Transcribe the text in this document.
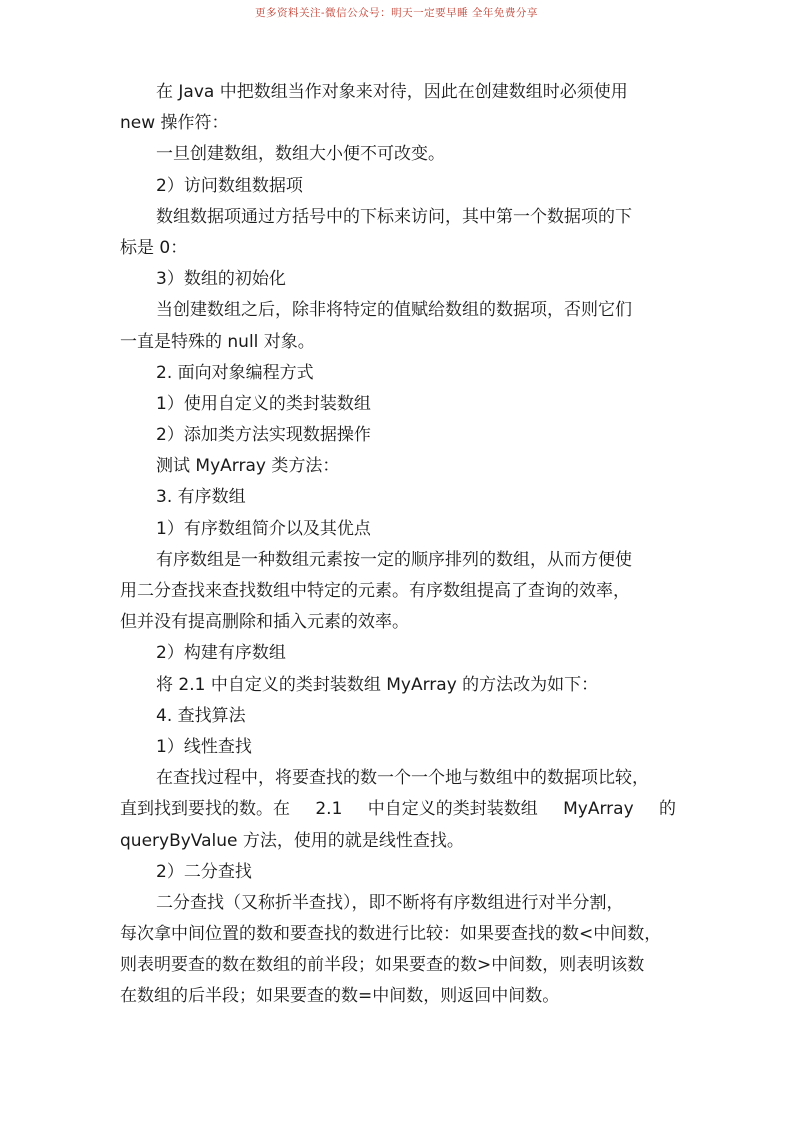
更多资料关注-微信公众号：明天一定要早睡 全年免费分享
在 Java 中把数组当作对象来对待，因此在创建数组时必须使用
new 操作符：
一旦创建数组，数组大小便不可改变。
2）访问数组数据项
数组数据项通过方括号中的下标来访问，其中第一个数据项的下
标是 0：
3）数组的初始化
当创建数组之后，除非将特定的值赋给数组的数据项，否则它们
一直是特殊的 null 对象。
2. 面向对象编程方式
1）使用自定义的类封装数组
2）添加类方法实现数据操作
测试 MyArray 类方法：
3. 有序数组
1）有序数组简介以及其优点
有序数组是一种数组元素按一定的顺序排列的数组，从而方便使
用二分查找来查找数组中特定的元素。有序数组提高了查询的效率，
但并没有提高删除和插入元素的效率。
2）构建有序数组
将 2.1 中自定义的类封装数组 MyArray 的方法改为如下：
4. 查找算法
1）线性查找
在查找过程中，将要查找的数一个一个地与数组中的数据项比较，
直到找到要找的数。在 2.1 中自定义的类封装数组 MyArray 的
queryByValue 方法，使用的就是线性查找。
2）二分查找
二分查找（又称折半查找），即不断将有序数组进行对半分割，
每次拿中间位置的数和要查找的数进行比较：如果要查找的数<中间数，
则表明要查的数在数组的前半段；如果要查的数>中间数，则表明该数
在数组的后半段；如果要查的数=中间数，则返回中间数。
